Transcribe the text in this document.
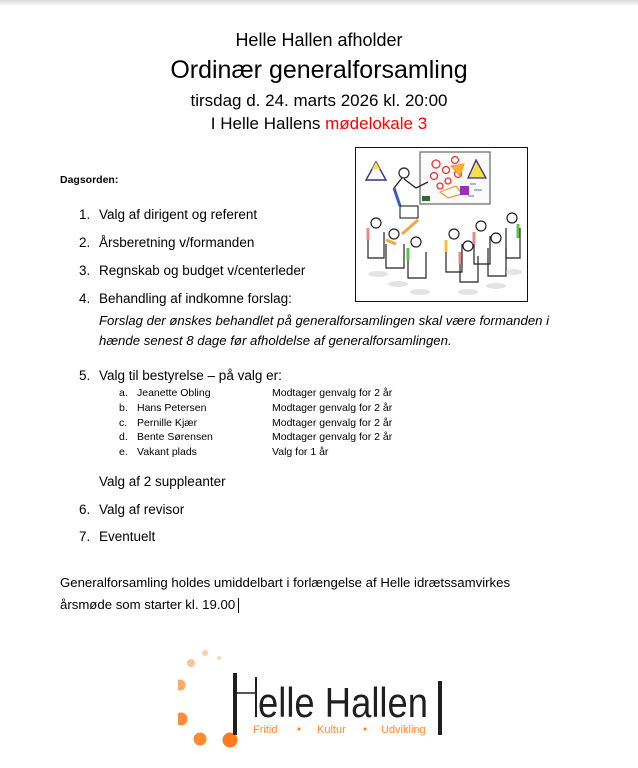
Helle Hallen afholder
Ordinær generalforsamling
tirsdag d. 24. marts 2026 kl. 20:00
I Helle Hallens mødelokale 3
Dagsorden:
1. Valg af dirigent og referent
2. Årsberetning v/formanden
3. Regnskab og budget v/centerleder
4. Behandling af indkomne forslag:
Forslag der ønskes behandlet på generalforsamlingen skal være formanden i hænde senest 8 dage før afholdelse af generalforsamlingen.
5. Valg til bestyrelse – på valg er:
a. Jeanette Obling	Modtager genvalg for 2 år
b. Hans Petersen	Modtager genvalg for 2 år
c. Pernille Kjær	Modtager genvalg for 2 år
d. Bente Sørensen	Modtager genvalg for 2 år
e. Vakant plads	Valg for 1 år
Valg af 2 suppleanter
6. Valg af revisor
7. Eventuelt
Generalforsamling holdes umiddelbart i forlængelse af Helle idrætssamvirkes
årsmøde som starter kl. 19.00
elle Hallen
Fritid	Kultur	Udvikling
